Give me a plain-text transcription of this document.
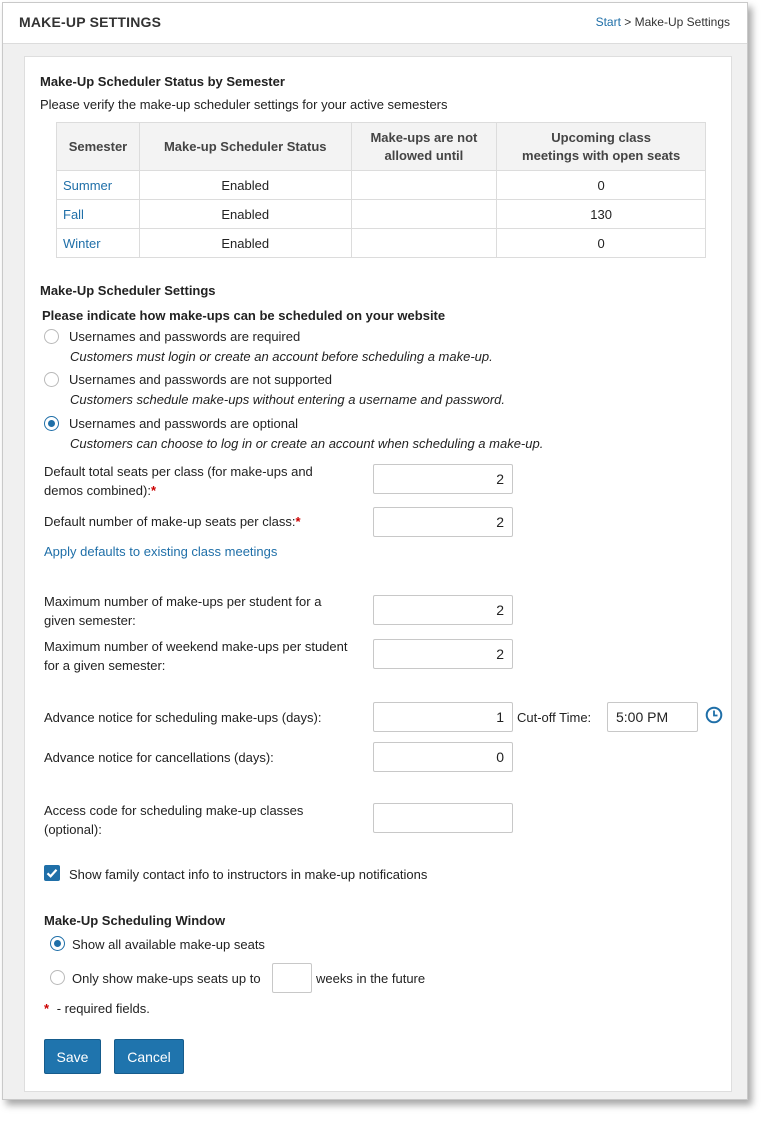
MAKE-UP SETTINGS	Start > Make-Up Settings
Make-Up Scheduler Status by Semester
Please verify the make-up scheduler settings for your active semesters
Semester	Make-up Scheduler Status	Make-ups are not allowed until	Upcoming class meetings with open seats

Summer	Enabled		0
Fall	Enabled		130
Winter	Enabled		0
Make-Up Scheduler Settings
Please indicate how make-ups can be scheduled on your website
Usernames and passwords are required
Customers must login or create an account before scheduling a make-up.
Usernames and passwords are not supported
Customers schedule make-ups without entering a username and password.
Usernames and passwords are optional
Customers can choose to log in or create an account when scheduling a make-up.
Default total seats per class (for make-ups and
demos combined):*
2
Default number of make-up seats per class:*	2
Apply defaults to existing class meetings
Maximum number of make-ups per student for a
given semester:
2
Maximum number of weekend make-ups per student
for a given semester:
2
Advance notice for scheduling make-ups (days):	1	Cut-off Time:	5:00 PM
Advance notice for cancellations (days):	0
Access code for scheduling make-up classes
(optional):
Show family contact info to instructors in make-up notifications
Make-Up Scheduling Window
Show all available make-up seats
Only show make-ups seats up to	weeks in the future
* - required fields.
Save	Cancel
